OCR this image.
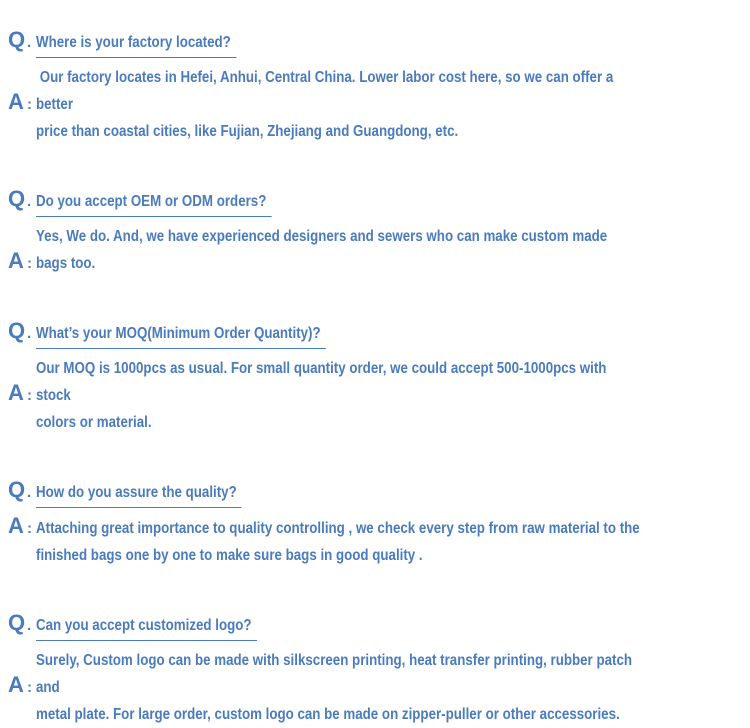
Q . Where is your factory located?
A :
Our factory locates in Hefei, Anhui, Central China. Lower labor cost here, so we can offer a better
price than coastal cities, like Fujian, Zhejiang and Guangdong, etc.
Q . Do you accept OEM or ODM orders?
A :
Yes, We do. And, we have experienced designers and sewers who can make custom made bags too.
Q . What’s your MOQ(Minimum Order Quantity)?
A :
Our MOQ is 1000pcs as usual. For small quantity order, we could accept 500-1000pcs with stock
colors or material.
Q . How do you assure the quality?
A : Attaching great importance to quality controlling , we check every step from raw material to the
finished bags one by one to make sure bags in good quality .
Q . Can you accept customized logo?
A :
Surely, Custom logo can be made with silkscreen printing, heat transfer printing, rubber patch and
metal plate. For large order, custom logo can be made on zipper-puller or other accessories.
